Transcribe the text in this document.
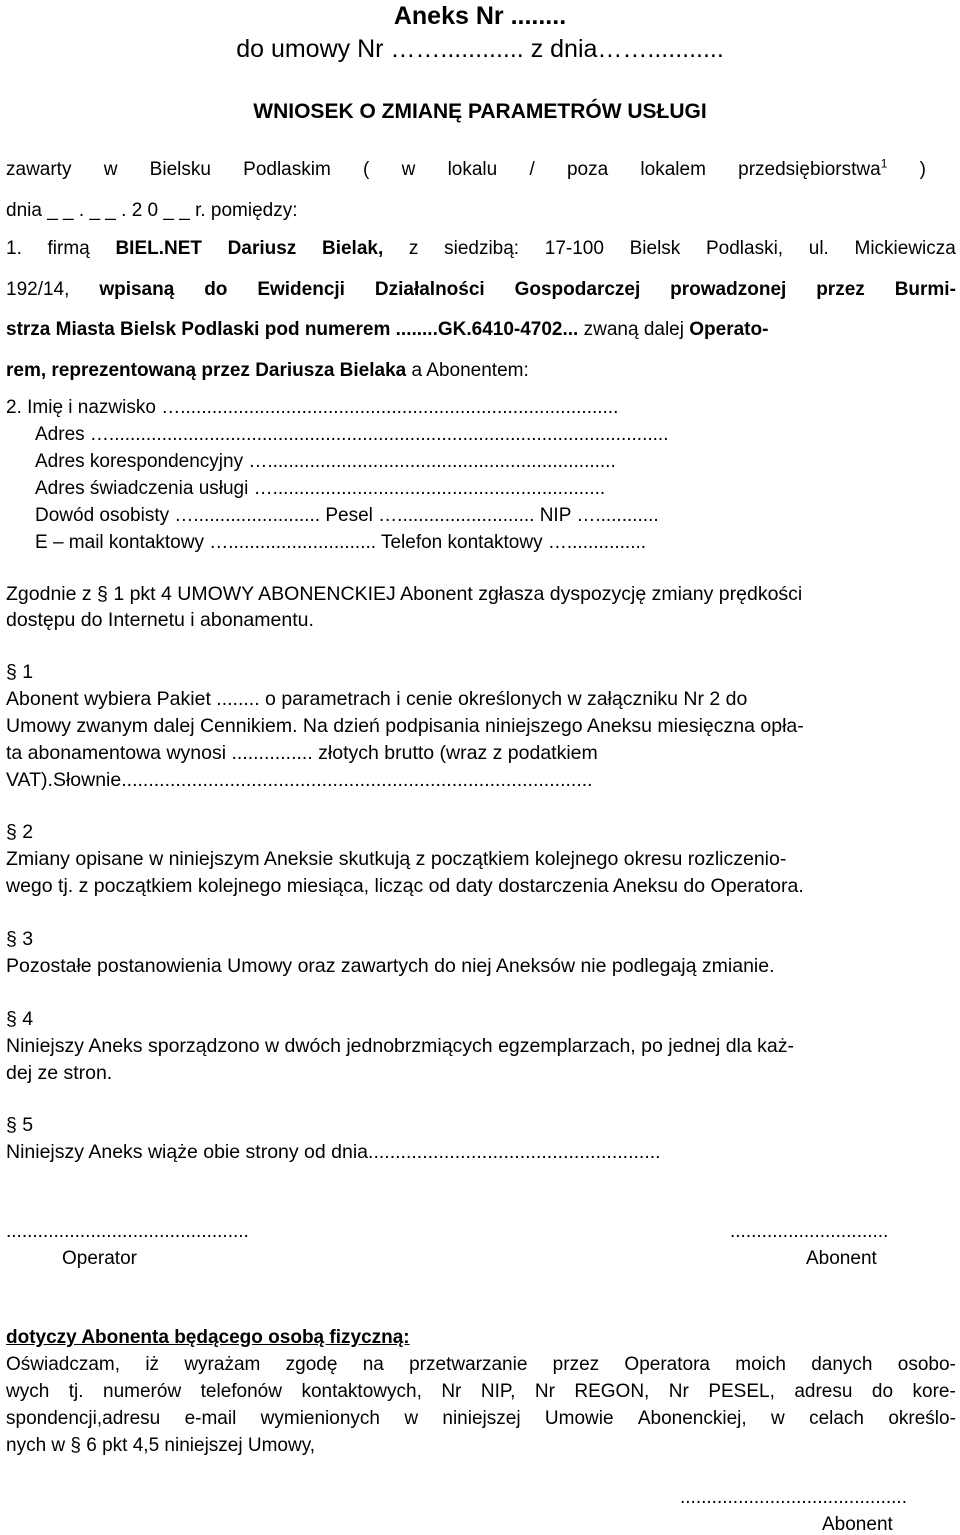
Aneks Nr ........
do umowy Nr ……............ z dnia……...........
WNIOSEK O ZMIANĘ PARAMETRÓW USŁUGI
zawarty w Bielsku Podlaskim ( w lokalu / poza lokalem przedsiębiorstwa$^1$ )
dnia _ _ . _ _ . 2 0 _ _ r. pomiędzy:
1. firmą BIEL.NET Dariusz Bielak, z siedzibą: 17-100 Bielsk Podlaski, ul. Mickiewicza
192/14, wpisaną do Ewidencji Działalności Gospodarczej prowadzonej przez Burmi-
strza Miasta Bielsk Podlaski pod numerem ........GK.6410-4702... zwaną dalej Operato-
rem, reprezentowaną przez Dariusza Bielaka a Abonentem:
2. Imię i nazwisko …...................................................................................
Adres …..........................................................................................................
Adres korespondencyjny …..................................................................
Adres świadczenia usługi …...............................................................
Dowód osobisty …........................ Pesel ….......................... NIP …............
E – mail kontaktowy …............................ Telefon kontaktowy …...............
Zgodnie z § 1 pkt 4 UMOWY ABONENCKIEJ Abonent zgłasza dyspozycję zmiany prędkości
dostępu do Internetu i abonamentu.
§ 1
Abonent wybiera Pakiet ........ o parametrach i cenie określonych w załączniku Nr 2 do
Umowy zwanym dalej Cennikiem. Na dzień podpisania niniejszego Aneksu miesięczna opła-
ta abonamentowa wynosi ............... złotych brutto (wraz z podatkiem
VAT).Słownie.......................................................................................
§ 2
Zmiany opisane w niniejszym Aneksie skutkują z początkiem kolejnego okresu rozliczenio-
wego tj. z początkiem kolejnego miesiąca, licząc od daty dostarczenia Aneksu do Operatora.
§ 3
Pozostałe postanowienia Umowy oraz zawartych do niej Aneksów nie podlegają zmianie.
§ 4
Niniejszy Aneks sporządzono w dwóch jednobrzmiących egzemplarzach, po jednej dla każ-
dej ze stron.
§ 5
Niniejszy Aneks wiąże obie strony od dnia......................................................
..............................................	..............................
Operator	Abonent
dotyczy Abonenta będącego osobą fizyczną:
Oświadczam, iż wyrażam zgodę na przetwarzanie przez Operatora moich danych osobo-
wych tj. numerów telefonów kontaktowych, Nr NIP, Nr REGON, Nr PESEL, adresu do kore-
spondencji,adresu e-mail wymienionych w niniejszej Umowie Abonenckiej, w celach określo-
nych w § 6 pkt 4,5 niniejszej Umowy,
...........................................
Abonent
